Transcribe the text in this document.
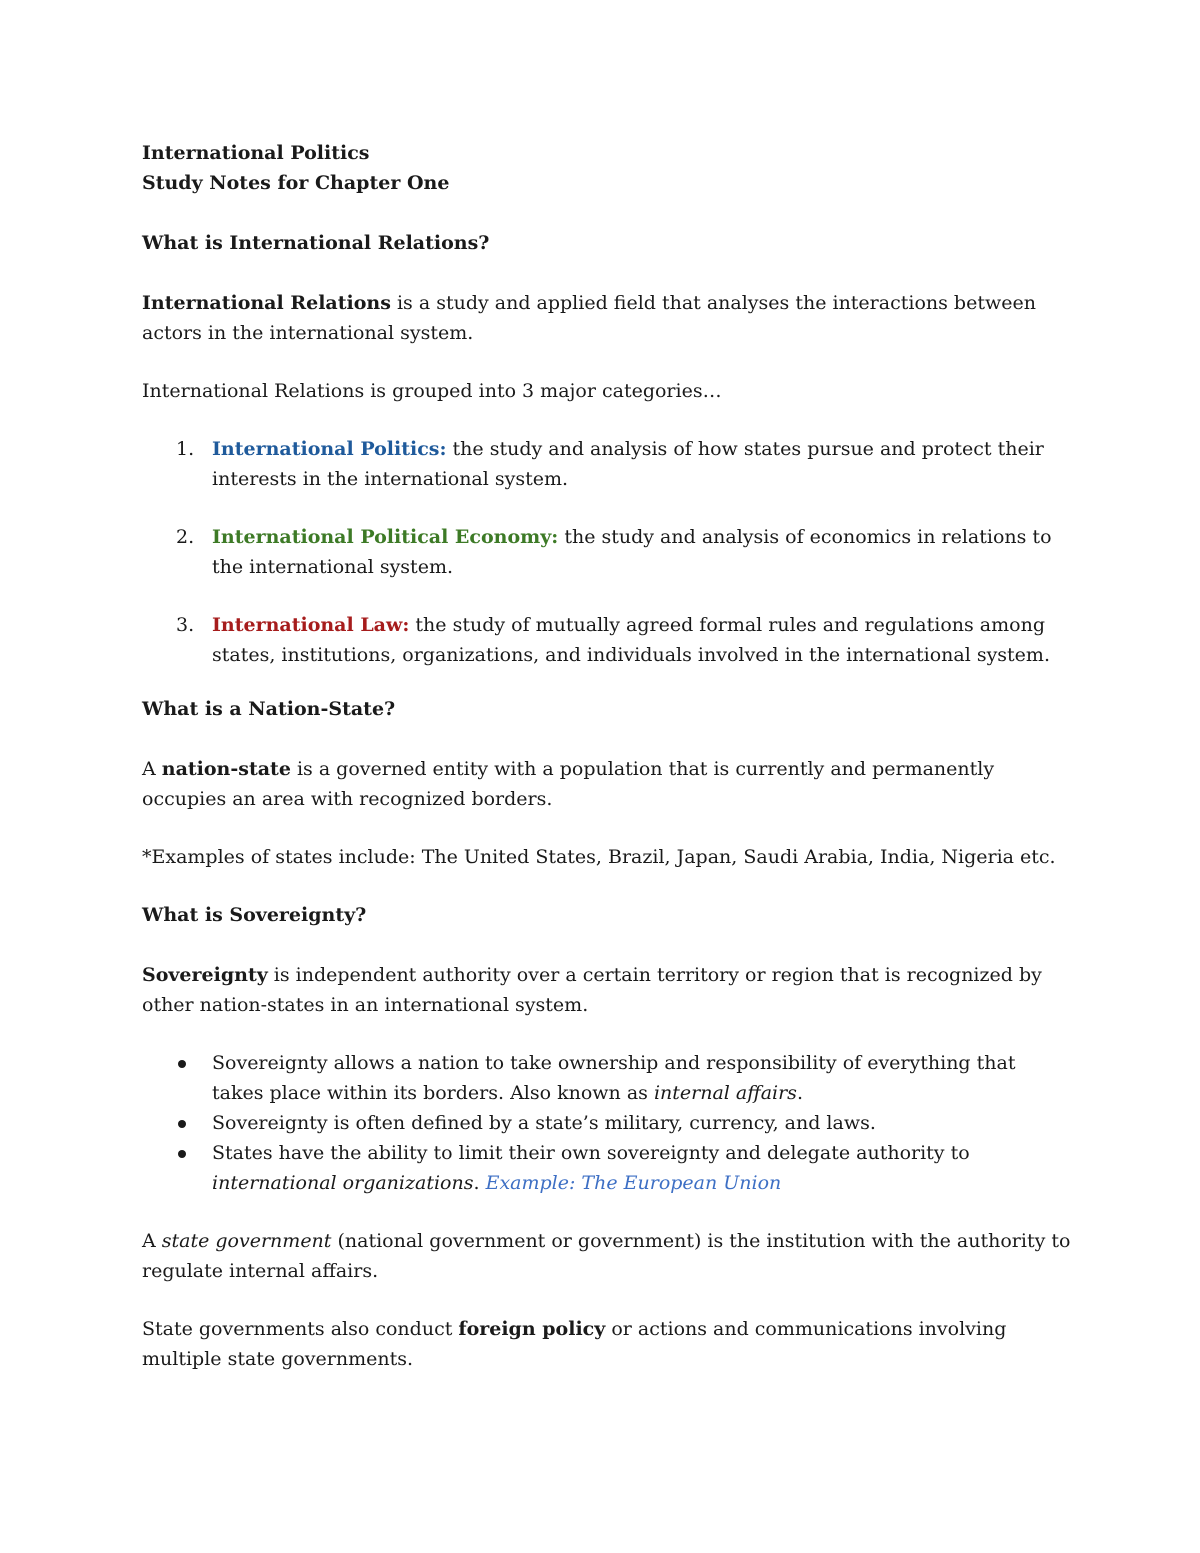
International Politics

Study Notes for Chapter One

What is International Relations?

International Relations is a study and applied field that analyses the interactions between actors in the international system.

International Relations is grouped into 3 major categories…

1. International Politics: the study and analysis of how states pursue and protect their interests in the international system.
2. International Political Economy: the study and analysis of economics in relations to the international system.
3. International Law: the study of mutually agreed formal rules and regulations among states, institutions, organizations, and individuals involved in the international system.

What is a Nation-State?

A nation-state is a governed entity with a population that is currently and permanently occupies an area with recognized borders.

*Examples of states include: The United States, Brazil, Japan, Saudi Arabia, India, Nigeria etc.

What is Sovereignty?

Sovereignty is independent authority over a certain territory or region that is recognized by other nation-states in an international system.

Sovereignty allows a nation to take ownership and responsibility of everything that takes place within its borders. Also known as internal affairs.
Sovereignty is often defined by a state’s military, currency, and laws.
States have the ability to limit their own sovereignty and delegate authority to international organizations. Example: The European Union

A state government (national government or government) is the institution with the authority to regulate internal affairs.

State governments also conduct foreign policy or actions and communications involving multiple state governments.
